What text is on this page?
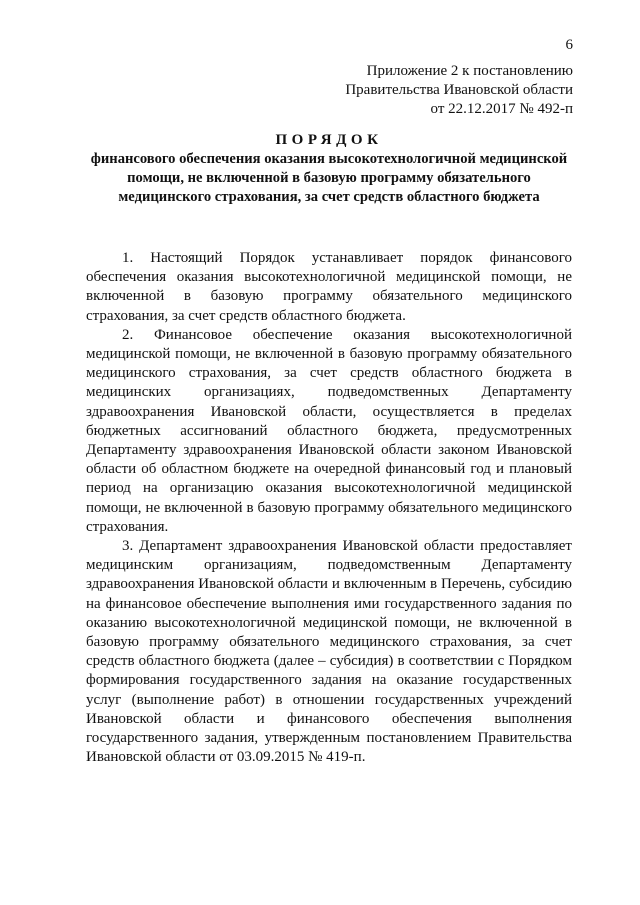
6
Приложение 2 к постановлению
Правительства Ивановской области
от 22.12.2017 № 492-п
ПОРЯДОК
финансового обеспечения оказания высокотехнологичной медицинской помощи, не включенной в базовую программу обязательного медицинского страхования, за счет средств областного бюджета

1. Настоящий Порядок устанавливает порядок финансового обеспечения оказания высокотехнологичной медицинской помощи, не включенной в базовую программу обязательного медицинского страхования, за счет средств областного бюджета.

2. Финансовое обеспечение оказания высокотехнологичной медицинской помощи, не включенной в базовую программу обязательного медицинского страхования, за счет средств областного бюджета в медицинских организациях, подведомственных Департаменту здравоохранения Ивановской области, осуществляется в пределах бюджетных ассигнований областного бюджета, предусмотренных Департаменту здравоохранения Ивановской области законом Ивановской области об областном бюджете на очередной финансовый год и плановый период на организацию оказания высокотехнологичной медицинской помощи, не включенной в базовую программу обязательного медицинского страхования.

3. Департамент здравоохранения Ивановской области предоставляет медицинским организациям, подведомственным Департаменту здравоохранения Ивановской области и включенным в Перечень, субсидию на финансовое обеспечение выполнения ими государственного задания по оказанию высокотехнологичной медицинской помощи, не включенной в базовую программу обязательного медицинского страхования, за счет средств областного бюджета (далее – субсидия) в соответствии с Порядком формирования государственного задания на оказание государственных услуг (выполнение работ) в отношении государственных учреждений Ивановской области и финансового обеспечения выполнения государственного задания, утвержденным постановлением Правительства Ивановской области от 03.09.2015 № 419-п.
